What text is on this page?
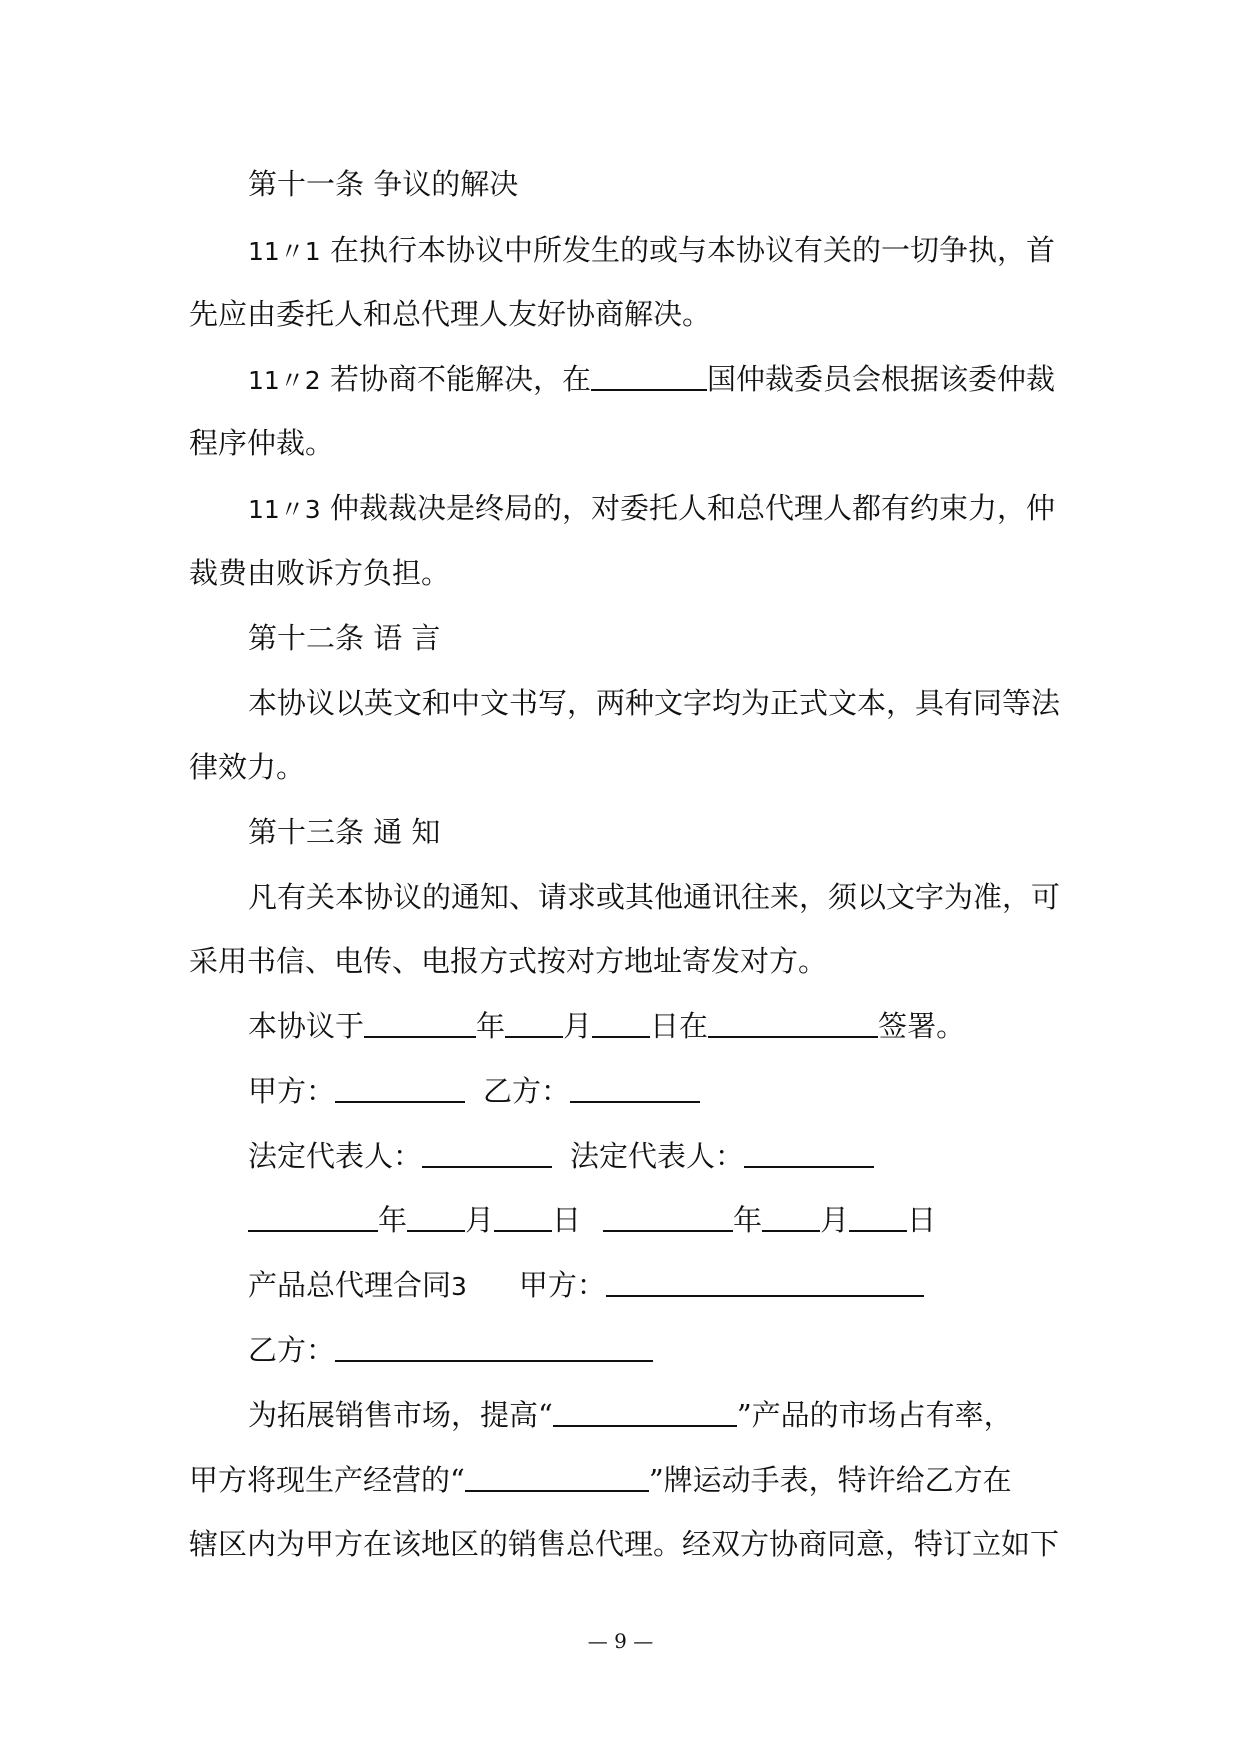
第十一条 争议的解决
11〃1 在执行本协议中所发生的或与本协议有关的一切争执，首
先应由委托人和总代理人友好协商解决。
11〃2 若协商不能解决，在	国仲裁委员会根据该委仲裁
程序仲裁。
11〃3 仲裁裁决是终局的，对委托人和总代理人都有约束力，仲
裁费由败诉方负担。
第十二条 语 言
本协议以英文和中文书写，两种文字均为正式文本，具有同等法
律效力。
第十三条 通 知
凡有关本协议的通知、请求或其他通讯往来，须以文字为准，可
采用书信、电传、电报方式按对方地址寄发对方。
本协议于	年 月 日在	签署。
甲方：	乙方：
法定代表人：	法定代表人：
年 月 日	年 月 日
产品总代理合同3 甲方：
乙方：
为拓展销售市场，提高“	”产品的市场占有率，
甲方将现生产经营的“	”牌运动手表，特许给乙方在
辖区内为甲方在该地区的销售总代理。经双方协商同意，特订立如下
— 9 —
